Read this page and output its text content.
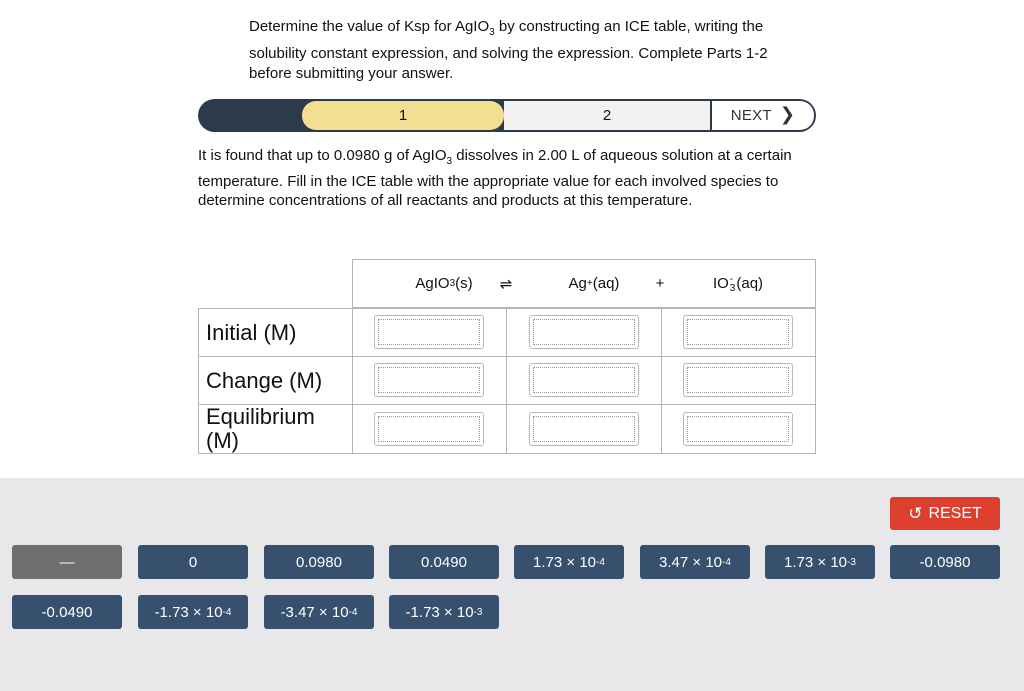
Determine the value of Ksp for AgIO$_3$ by constructing an ICE table, writing the solubility constant expression, and solving the expression. Complete Parts 1-2 before submitting your answer.
1	2	NEXT ❯
It is found that up to 0.0980 g of AgIO$_3$ dissolves in 2.00 L of aqueous solution at a certain temperature. Fill in the ICE table with the appropriate value for each involved species to determine concentrations of all reactants and products at this temperature.
AgIO 3 (s) ⇌	Ag + (aq) +	IO -
3 (aq)
Initial (M)
Change (M)
Equilibrium
(M)
↺ RESET
—	0	0.0980	0.0490	1.73 × 10 -4	3.47 × 10 -4	1.73 × 10 -3	-0.0980
-0.0490	-1.73 × 10 -4	-3.47 × 10 -4	-1.73 × 10 -3
